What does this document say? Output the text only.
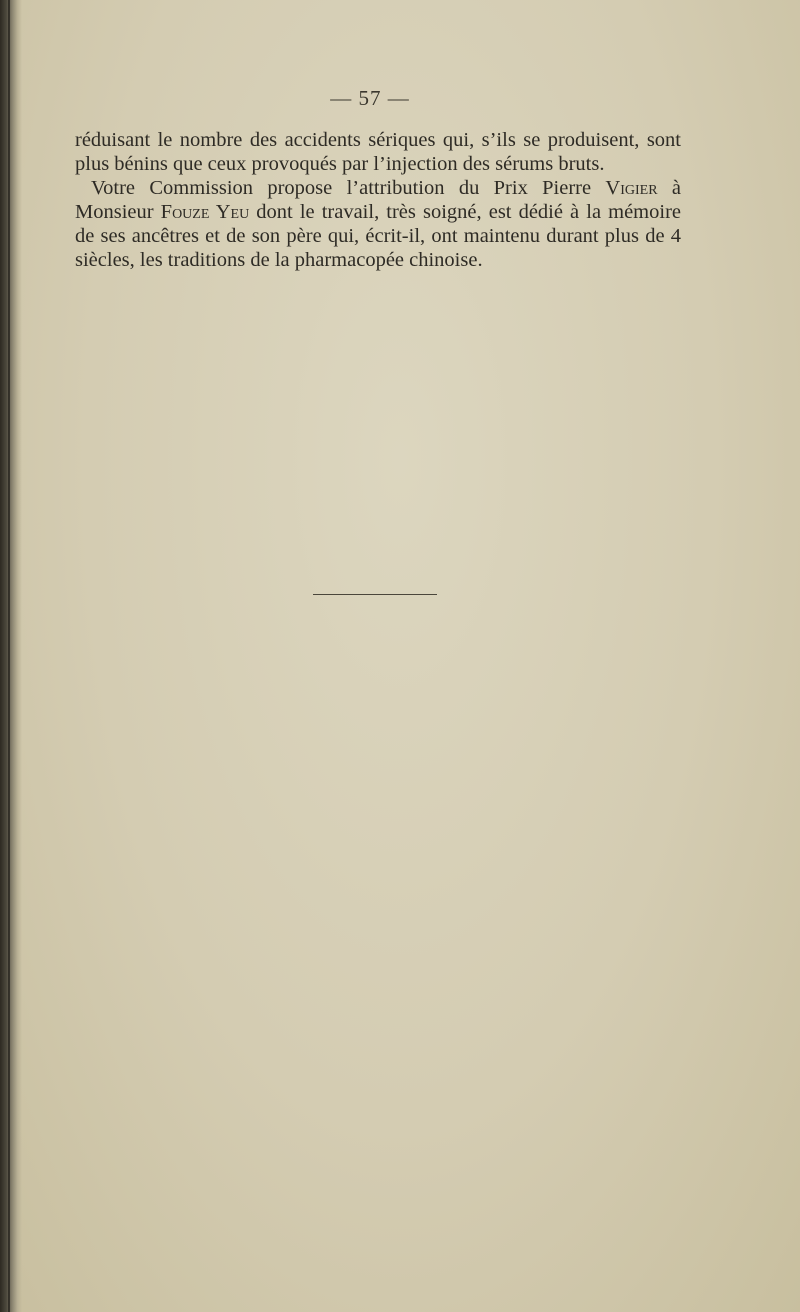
— 57 —

réduisant le nombre des accidents sériques qui, s’ils se produisent, sont plus bénins que ceux provoqués par l’injection des sérums bruts.

Votre Commission propose l’attribution du Prix Pierre Vigier à Monsieur Fouze Yeu dont le travail, très soigné, est dédié à la mémoire de ses ancêtres et de son père qui, écrit-il, ont maintenu durant plus de 4 siècles, les traditions de la pharmacopée chinoise.
